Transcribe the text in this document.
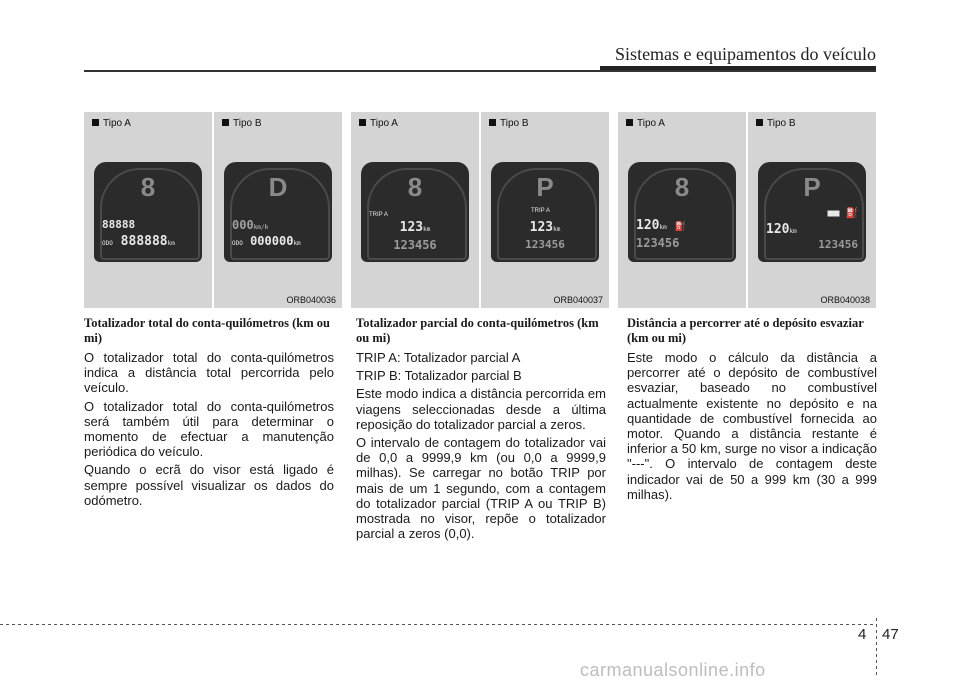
Sistemas e equipamentos do veículo
Tipo A
8
88888
ODO 888888km
Tipo B
D
000km/h
ODO 000000km
ORB040036
Tipo A
8
TRIP A
123km
123456
Tipo B
P
TRIP A
123km
123456
ORB040037
Tipo A
8
120km ⛽
123456
Tipo B
P
■■ ⛽
120km
123456
ORB040038
Totalizador total do conta-quilómetros (km ou mi)

O totalizador total do conta-quilómetros indica a distância total percorrida pelo veículo.

O totalizador total do conta-quilómetros será também útil para determinar o momento de efectuar a manutenção periódica do veículo.

Quando o ecrã do visor está ligado é sempre possível visualizar os dados do odómetro.

Totalizador parcial do conta-quilómetros (km ou mi)

TRIP A: Totalizador parcial A

TRIP B: Totalizador parcial B

Este modo indica a distância percorrida em viagens seleccionadas desde a última reposição do totalizador parcial a zeros.

O intervalo de contagem do totalizador vai de 0,0 a 9999,9 km (ou 0,0 a 9999,9 milhas). Se carregar no botão TRIP por mais de um 1 segundo, com a contagem do totalizador parcial (TRIP A ou TRIP B) mostrada no visor, repõe o totalizador parcial a zeros (0,0).

Distância a percorrer até o depósito esvaziar (km ou mi)

Este modo o cálculo da distância a percorrer até o depósito de combustível esvaziar, baseado no combustível actualmente existente no depósito e na quantidade de combustível fornecida ao motor. Quando a distância restante é inferior a 50 km, surge no visor a indicação "---". O intervalo de contagem deste indicador vai de 50 a 999 km (30 a 999 milhas).

4 47
carmanualsonline.info
